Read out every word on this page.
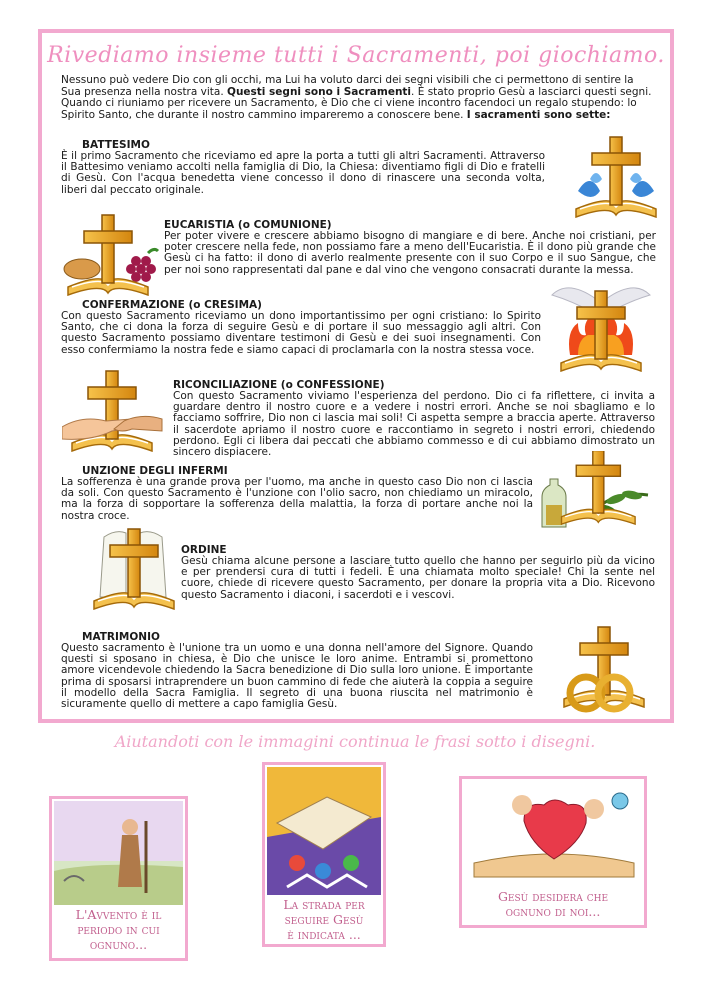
Rivediamo insieme tutti i Sacramenti, poi giochiamo.
Nessuno può vedere Dio con gli occhi, ma Lui ha voluto darci dei segni visibili che ci permettono di sentire la Sua presenza nella nostra vita. Questi segni sono i Sacramenti. È stato proprio Gesù a lasciarci questi segni. Quando ci riuniamo per ricevere un Sacramento, è Dio che ci viene incontro facendoci un regalo stupendo: lo Spirito Santo, che durante il nostro cammino impareremo a conoscere bene. I sacramenti sono sette:
BATTESIMO
È il primo Sacramento che riceviamo ed apre la porta a tutti gli altri Sacramenti. Attraverso il Battesimo veniamo accolti nella famiglia di Dio, la Chiesa: diventiamo figli di Dio e fratelli di Gesù. Con l'acqua benedetta viene concesso il dono di rinascere una seconda volta, liberi dal peccato originale.
EUCARISTIA (o COMUNIONE)
Per poter vivere e crescere abbiamo bisogno di mangiare e di bere. Anche noi cristiani, per poter crescere nella fede, non possiamo fare a meno dell'Eucaristia. È il dono più grande che Gesù ci ha fatto: il dono di averlo realmente presente con il suo Corpo e il suo Sangue, che per noi sono rappresentati dal pane e dal vino che vengono consacrati durante la messa.
CONFERMAZIONE (o CRESIMA)
Con questo Sacramento riceviamo un dono importantissimo per ogni cristiano: lo Spirito Santo, che ci dona la forza di seguire Gesù e di portare il suo messaggio agli altri. Con questo Sacramento possiamo diventare testimoni di Gesù e dei suoi insegnamenti. Con esso confermiamo la nostra fede e siamo capaci di proclamarla con la nostra stessa voce.
RICONCILIAZIONE (o CONFESSIONE)
Con questo Sacramento viviamo l'esperienza del perdono. Dio ci fa riflettere, ci invita a guardare dentro il nostro cuore e a vedere i nostri errori. Anche se noi sbagliamo e lo facciamo soffrire, Dio non ci lascia mai soli! Ci aspetta sempre a braccia aperte. Attraverso il sacerdote apriamo il nostro cuore e raccontiamo in segreto i nostri errori, chiedendo perdono. Egli ci libera dai peccati che abbiamo commesso e di cui abbiamo dimostrato un sincero dispiacere.
UNZIONE DEGLI INFERMI
La sofferenza è una grande prova per l'uomo, ma anche in questo caso Dio non ci lascia da soli. Con questo Sacramento è l'unzione con l'olio sacro, non chiediamo un miracolo, ma la forza di sopportare la sofferenza della malattia, la forza di portare anche noi la nostra croce.
ORDINE
Gesù chiama alcune persone a lasciare tutto quello che hanno per seguirlo più da vicino e per prendersi cura di tutti i fedeli. È una chiamata molto speciale! Chi la sente nel cuore, chiede di ricevere questo Sacramento, per donare la propria vita a Dio. Ricevono questo Sacramento i diaconi, i sacerdoti e i vescovi.
MATRIMONIO
Questo sacramento è l'unione tra un uomo e una donna nell'amore del Signore. Quando questi si sposano in chiesa, è Dio che unisce le loro anime. Entrambi si promettono amore vicendevole chiedendo la Sacra benedizione di Dio sulla loro unione. È importante prima di sposarsi intraprendere un buon cammino di fede che aiuterà la coppia a seguire il modello della Sacra Famiglia. Il segreto di una buona riuscita nel matrimonio è sicuramente quello di mettere a capo famiglia Gesù.
Aiutandoti con le immagini continua le frasi sotto i disegni.
L'Avvento è il
periodo in cui
ognuno...
La strada per
seguire Gesù
è indicata ...
Gesù desidera che
ognuno di noi...
